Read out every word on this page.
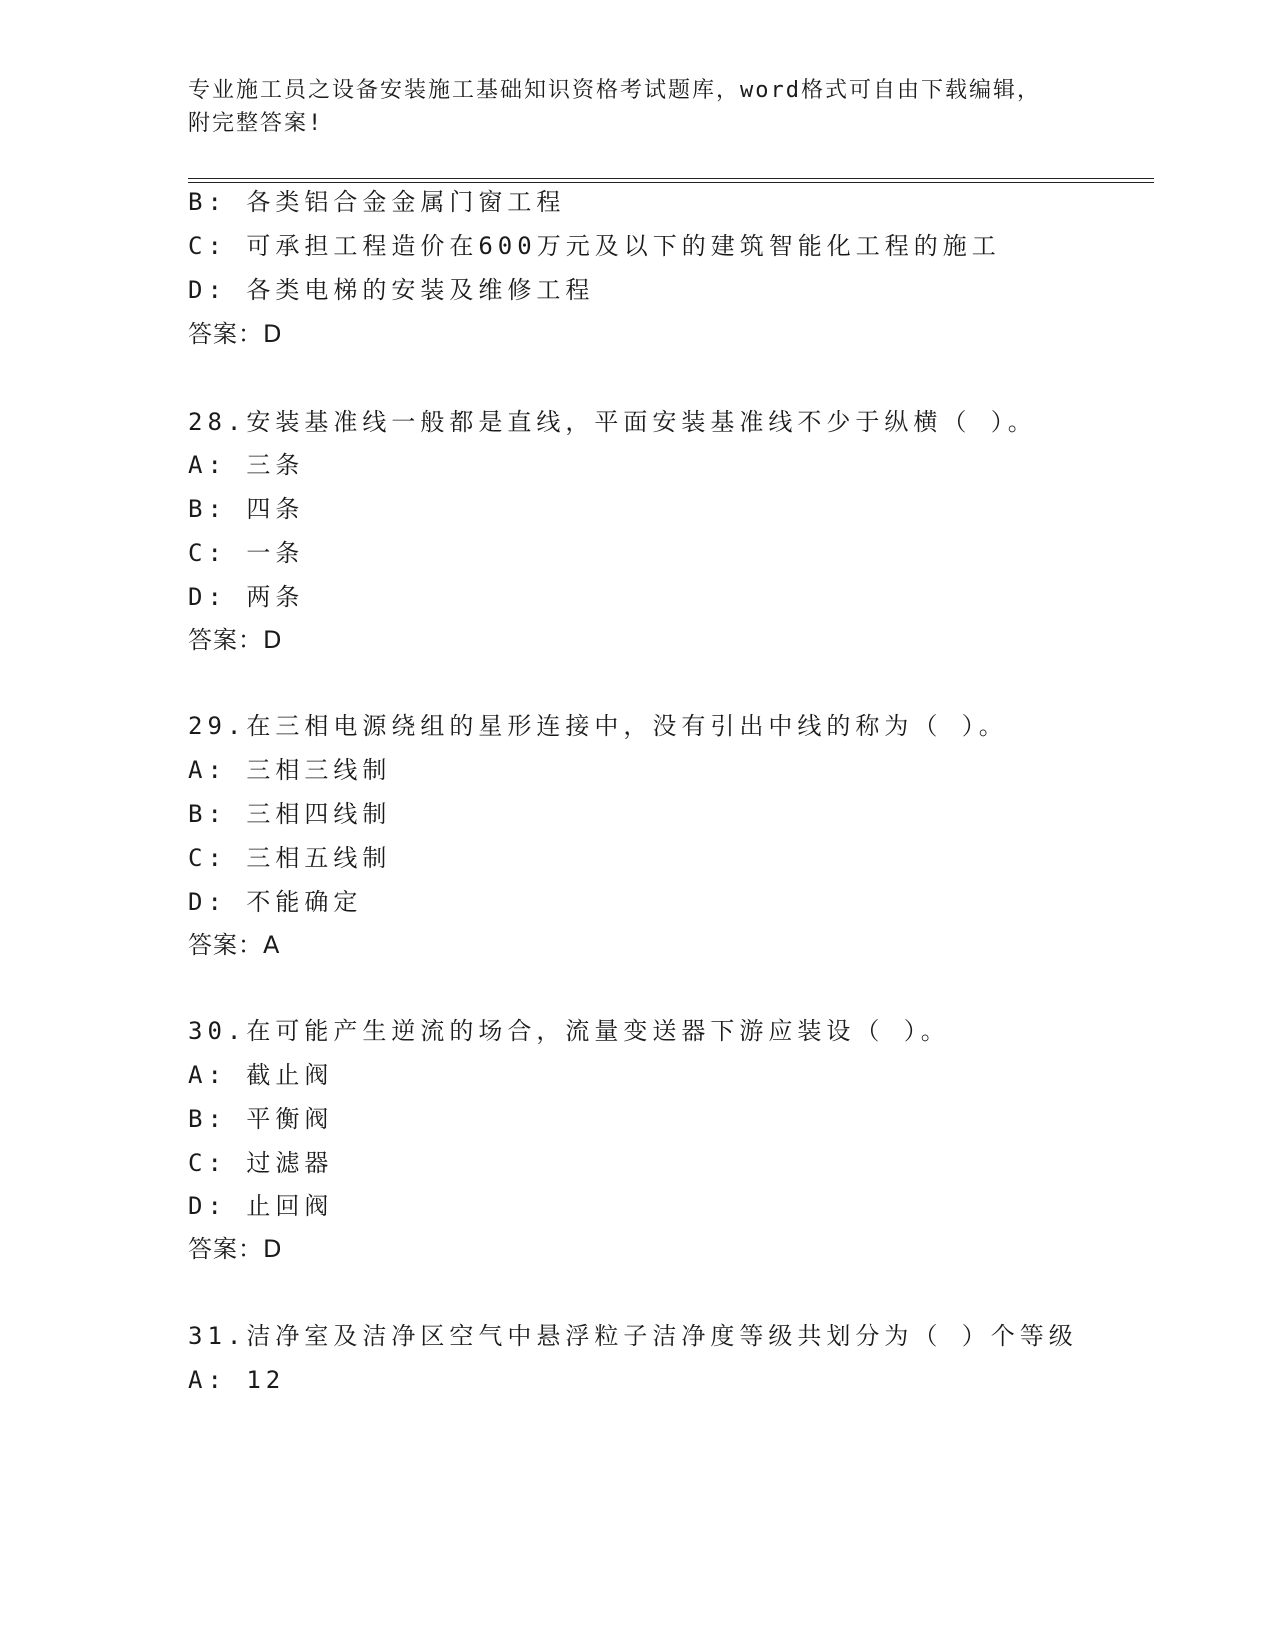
专业施工员之设备安装施工基础知识资格考试题库，word格式可自由下载编辑，
附完整答案!
B: 各类铝合金金属门窗工程
C: 可承担工程造价在600万元及以下的建筑智能化工程的施工
D: 各类电梯的安装及维修工程
答案：D
28.安装基准线一般都是直线，平面安装基准线不少于纵横（ ）。
A: 三条
B: 四条
C: 一条
D: 两条
答案：D
29.在三相电源绕组的星形连接中，没有引出中线的称为（ ）。
A: 三相三线制
B: 三相四线制
C: 三相五线制
D: 不能确定
答案：A
30.在可能产生逆流的场合，流量变送器下游应装设（ ）。
A: 截止阀
B: 平衡阀
C: 过滤器
D: 止回阀
答案：D
31.洁净室及洁净区空气中悬浮粒子洁净度等级共划分为（ ）个等级
A: 12
